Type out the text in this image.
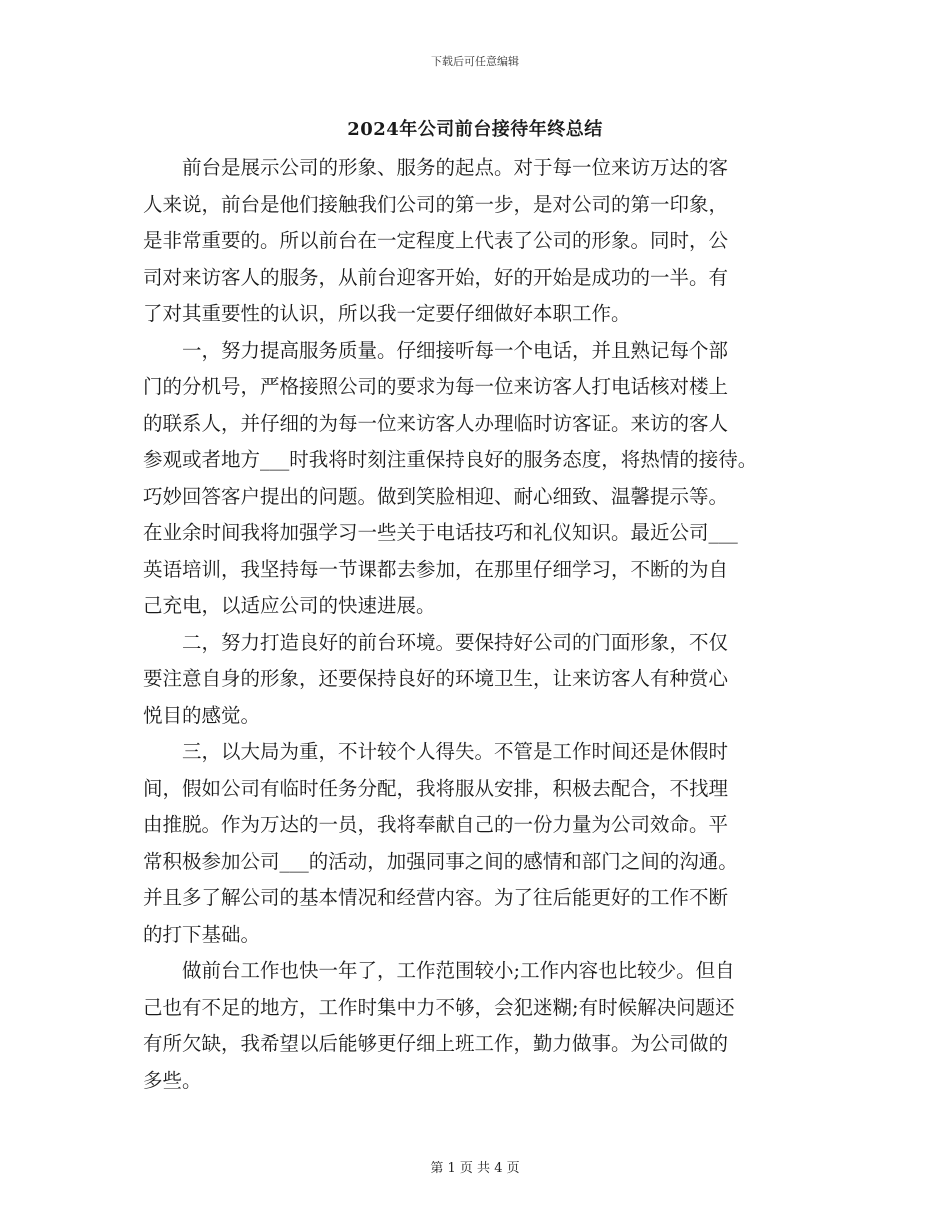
下载后可任意编辑
2024年公司前台接待年终总结
　　前台是展示公司的形象、服务的起点。对于每一位来访万达的客
人来说，前台是他们接触我们公司的第一步，是对公司的第一印象，
是非常重要的。所以前台在一定程度上代表了公司的形象。同时，公
司对来访客人的服务，从前台迎客开始，好的开始是成功的一半。有
了对其重要性的认识，所以我一定要仔细做好本职工作。
　　一，努力提高服务质量。仔细接听每一个电话，并且熟记每个部
门的分机号，严格接照公司的要求为每一位来访客人打电话核对楼上
的联系人，并仔细的为每一位来访客人办理临时访客证。来访的客人
参观或者地方___时我将时刻注重保持良好的服务态度，将热情的接待。
巧妙回答客户提出的问题。做到笑脸相迎、耐心细致、温馨提示等。
在业余时间我将加强学习一些关于电话技巧和礼仪知识。最近公司___
英语培训，我坚持每一节课都去参加，在那里仔细学习，不断的为自
己充电，以适应公司的快速进展。
　　二，努力打造良好的前台环境。要保持好公司的门面形象，不仅
要注意自身的形象，还要保持良好的环境卫生，让来访客人有种赏心
悦目的感觉。
　　三，以大局为重，不计较个人得失。不管是工作时间还是休假时
间，假如公司有临时任务分配，我将服从安排，积极去配合，不找理
由推脱。作为万达的一员，我将奉献自己的一份力量为公司效命。平
常积极参加公司___的活动，加强同事之间的感情和部门之间的沟通。
并且多了解公司的基本情况和经营内容。为了往后能更好的工作不断
的打下基础。
　　做前台工作也快一年了，工作范围较小;工作内容也比较少。但自
己也有不足的地方，工作时集中力不够，会犯迷糊;有时候解决问题还
有所欠缺，我希望以后能够更仔细上班工作，勤力做事。为公司做的
多些。
第 1 页 共 4 页
